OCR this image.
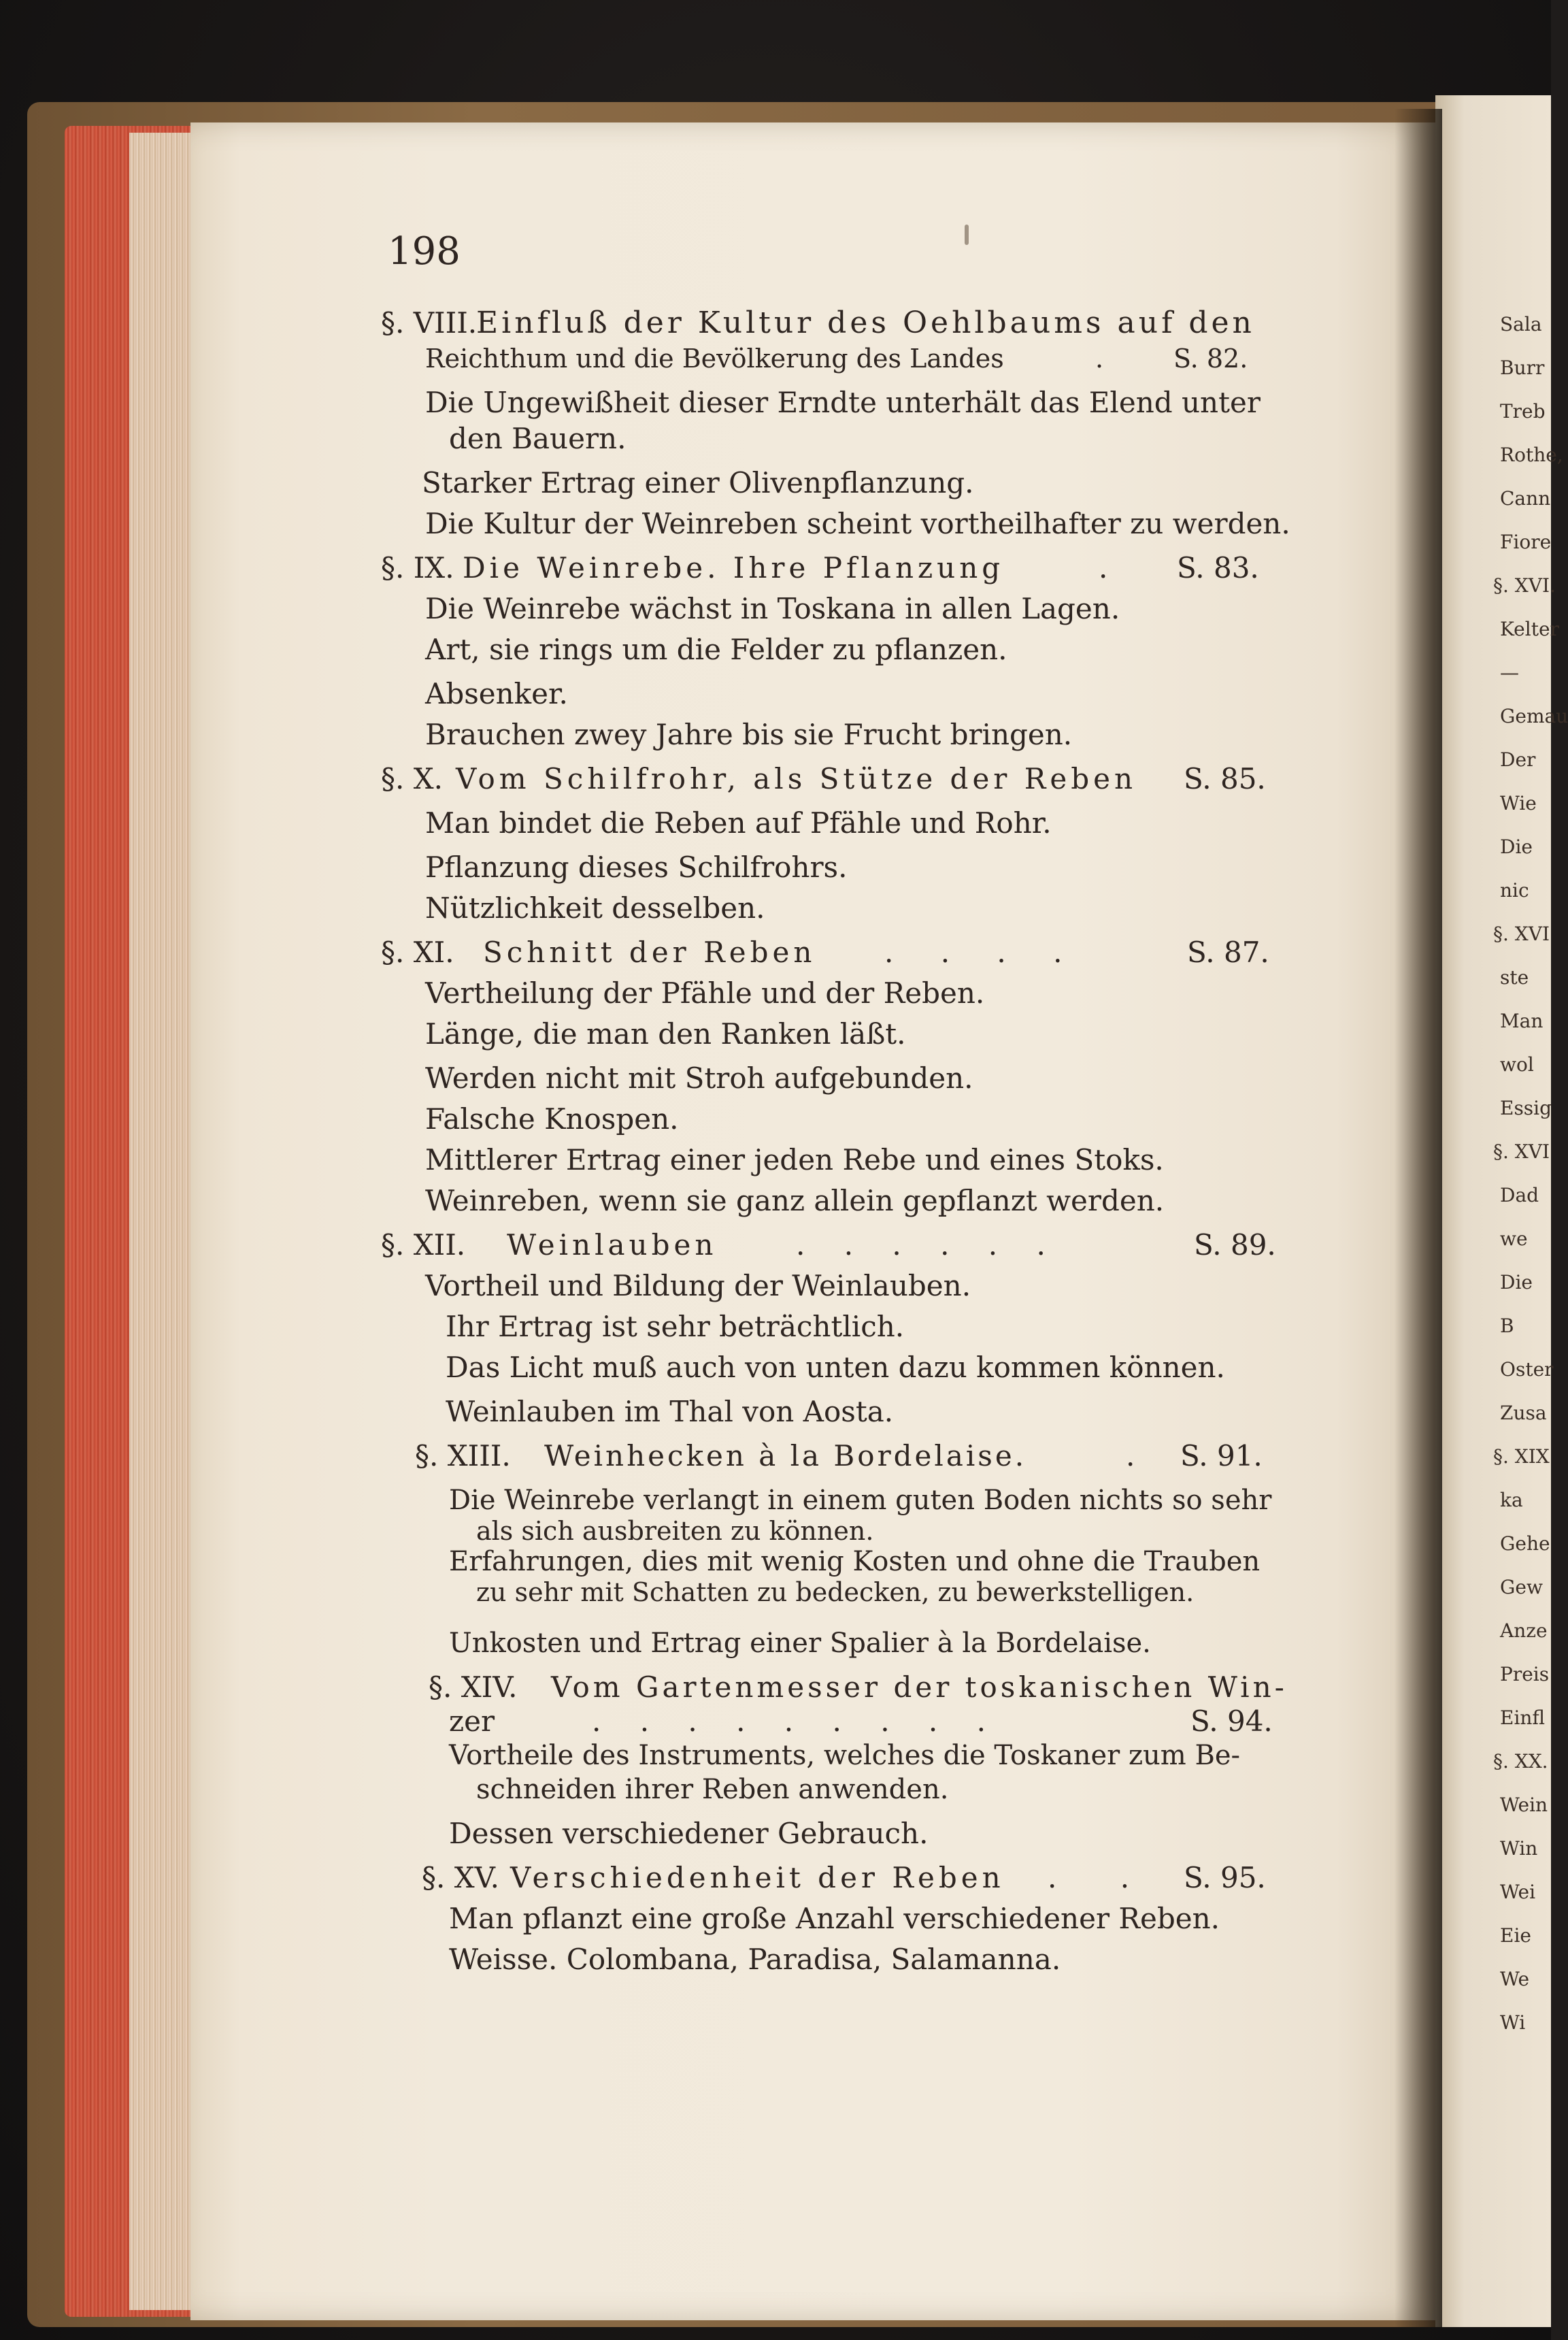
198
§. VIII.
Einfluß der Kultur des Oehlbaums auf den
Reichthum und die Bevölkerung des Landes	.	S. 82.
Die Ungewißheit dieser Erndte unterhält das Elend unter
den Bauern.
Starker Ertrag einer Olivenpflanzung.
Die Kultur der Weinreben scheint vortheilhafter zu werden.
§. IX. Die Weinrebe. Ihre Pflanzung	. S. 83.
Die Weinrebe wächst in Toskana in allen Lagen.
Art, sie rings um die Felder zu pflanzen.
Absenker.
Brauchen zwey Jahre bis sie Frucht bringen.
§. X. Vom Schilfrohr, als Stütze der Reben S. 85.
Man bindet die Reben auf Pfähle und Rohr.
Pflanzung dieses Schilfrohrs.
Nützlichkeit desselben.
§. XI. Schnitt der Reben . . . .	S. 87.
Vertheilung der Pfähle und der Reben.
Länge, die man den Ranken läßt.
Werden nicht mit Stroh aufgebunden.
Falsche Knospen.
Mittlerer Ertrag einer jeden Rebe und eines Stoks.
Weinreben, wenn sie ganz allein gepflanzt werden.
§. XII. Weinlauben	. . . . . .	S. 89.
Vortheil und Bildung der Weinlauben.
Ihr Ertrag ist sehr beträchtlich.
Das Licht muß auch von unten dazu kommen können.
Weinlauben im Thal von Aosta.
§. XIII. Weinhecken à la Bordelaise.	. S. 91.
Die Weinrebe verlangt in einem guten Boden nichts so sehr
als sich ausbreiten zu können.
Erfahrungen, dies mit wenig Kosten und ohne die Trauben
zu sehr mit Schatten zu bedecken, zu bewerkstelligen.
Unkosten und Ertrag einer Spalier à la Bordelaise.
§. XIV. Vom Gartenmesser der toskanischen Win-
zer	. . . . . . . . .	S. 94.
Vortheile des Instruments, welches die Toskaner zum Be-
schneiden ihrer Reben anwenden.
Dessen verschiedener Gebrauch.
§. XV. Verschiedenheit der Reben . . S. 95.
Man pflanzt eine große Anzahl verschiedener Reben.
Weisse. Colombana, Paradisa, Salamanna.
Sala
Burr
Treb
Rothe,
Cann
Fiore
§. XVI.
Kelter
—
Gemau
Der
Wie
Die
nic
§. XVI
ste
Man
wol
Essig
§. XVI
Dad
we
Die
B
Oster
Zusa
§. XIX
ka
Gehe
Gew
Anze
Preis
Einfl
§. XX.
Wein
Win
Wei
Eie
We
Wi
